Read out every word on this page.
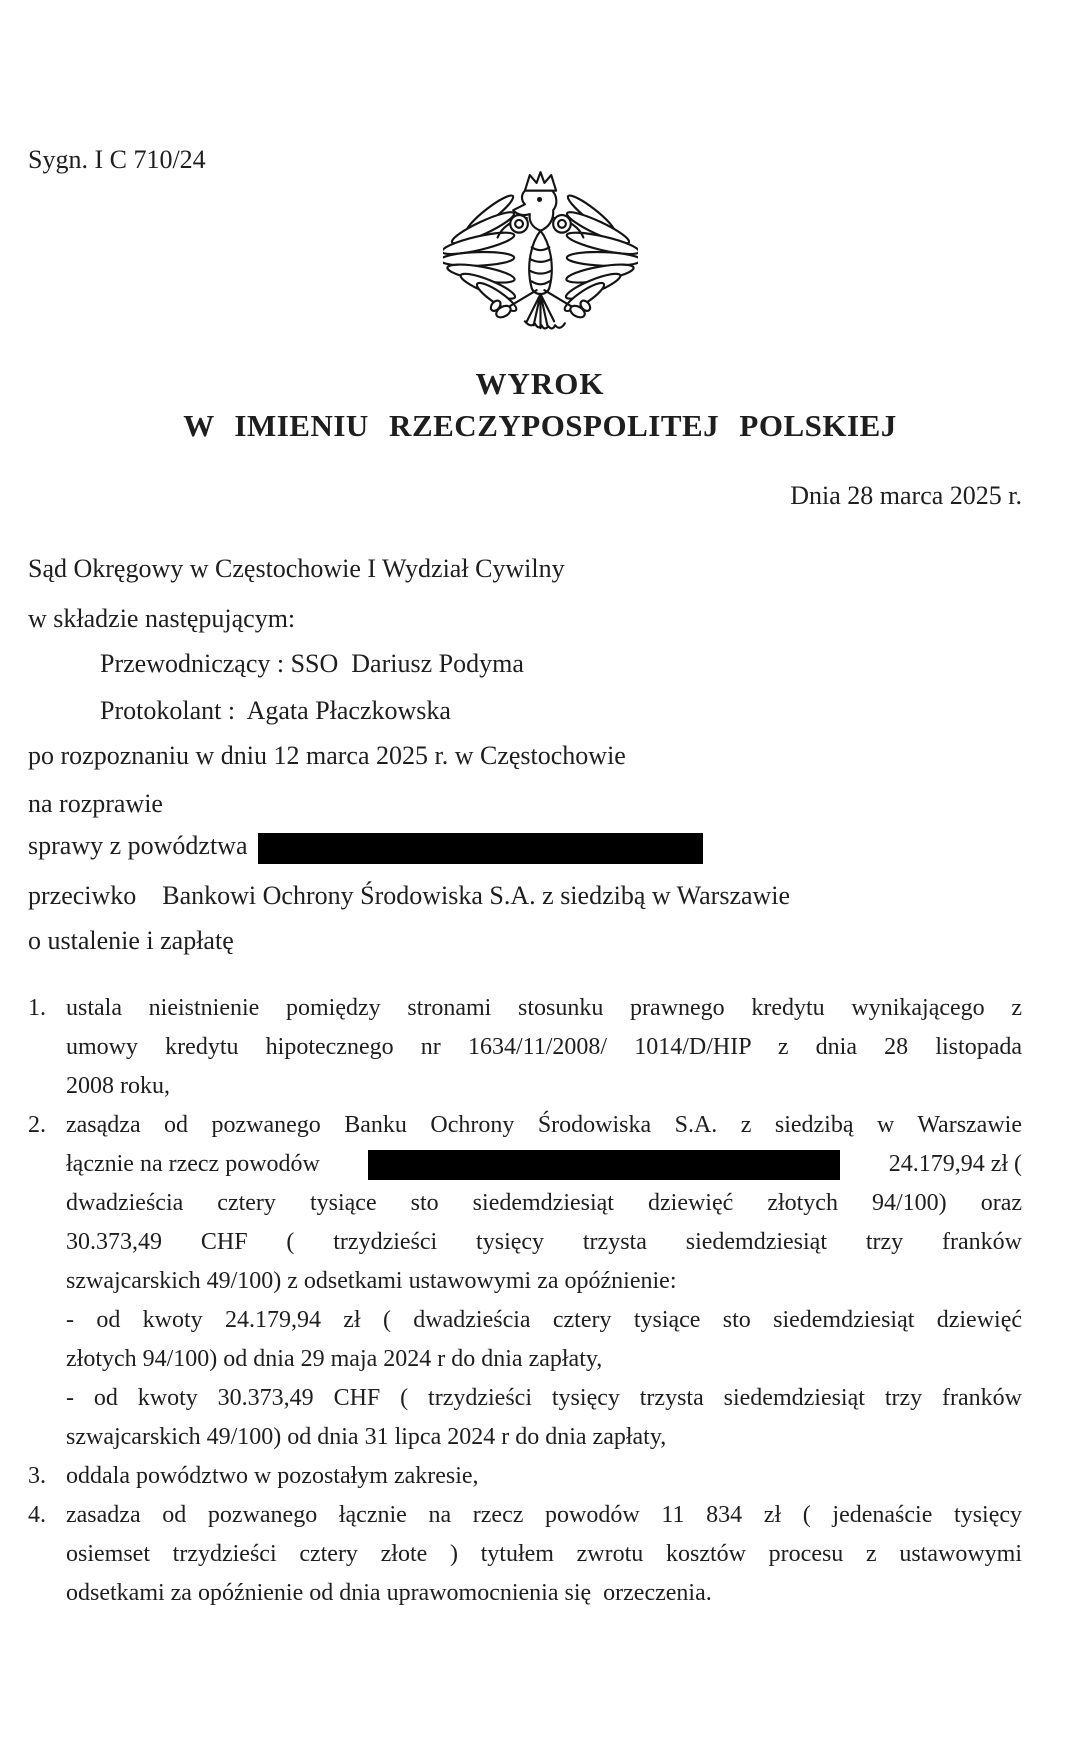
Sygn. I C 710/24
WYROK
W IMIENIU RZECZYPOSPOLITEJ POLSKIEJ
Dnia 28 marca 2025 r.
Sąd Okręgowy w Częstochowie I Wydział Cywilny
w składzie następującym:
Przewodniczący : SSO  Dariusz Podyma
Protokolant :  Agata Płaczkowska
po rozpoznaniu w dniu 12 marca 2025 r. w Częstochowie
na rozprawie
sprawy z powództwa
przeciwko    Bankowi Ochrony Środowiska S.A. z siedzibą w Warszawie
o ustalenie i zapłatę
1. ustala nieistnienie pomiędzy stronami stosunku prawnego kredytu wynikającego z
umowy kredytu hipotecznego nr 1634/11/2008/ 1014/D/HIP z dnia 28 listopada
2008 roku,
2. zasądza od pozwanego Banku Ochrony Środowiska S.A. z siedzibą w Warszawie
łącznie na rzecz powodów	24.179,94 zł (
dwadzieścia cztery tysiące sto siedemdziesiąt dziewięć złotych 94/100) oraz
30.373,49 CHF ( trzydzieści tysięcy trzysta siedemdziesiąt trzy franków
szwajcarskich 49/100) z odsetkami ustawowymi za opóźnienie:
- od kwoty 24.179,94 zł ( dwadzieścia cztery tysiące sto siedemdziesiąt dziewięć
złotych 94/100) od dnia 29 maja 2024 r do dnia zapłaty,
- od kwoty 30.373,49 CHF ( trzydzieści tysięcy trzysta siedemdziesiąt trzy franków
szwajcarskich 49/100) od dnia 31 lipca 2024 r do dnia zapłaty,
3. oddala powództwo w pozostałym zakresie,
4. zasadza od pozwanego łącznie na rzecz powodów 11 834 zł ( jedenaście tysięcy
osiemset trzydzieści cztery złote ) tytułem zwrotu kosztów procesu z ustawowymi
odsetkami za opóźnienie od dnia uprawomocnienia się  orzeczenia.
